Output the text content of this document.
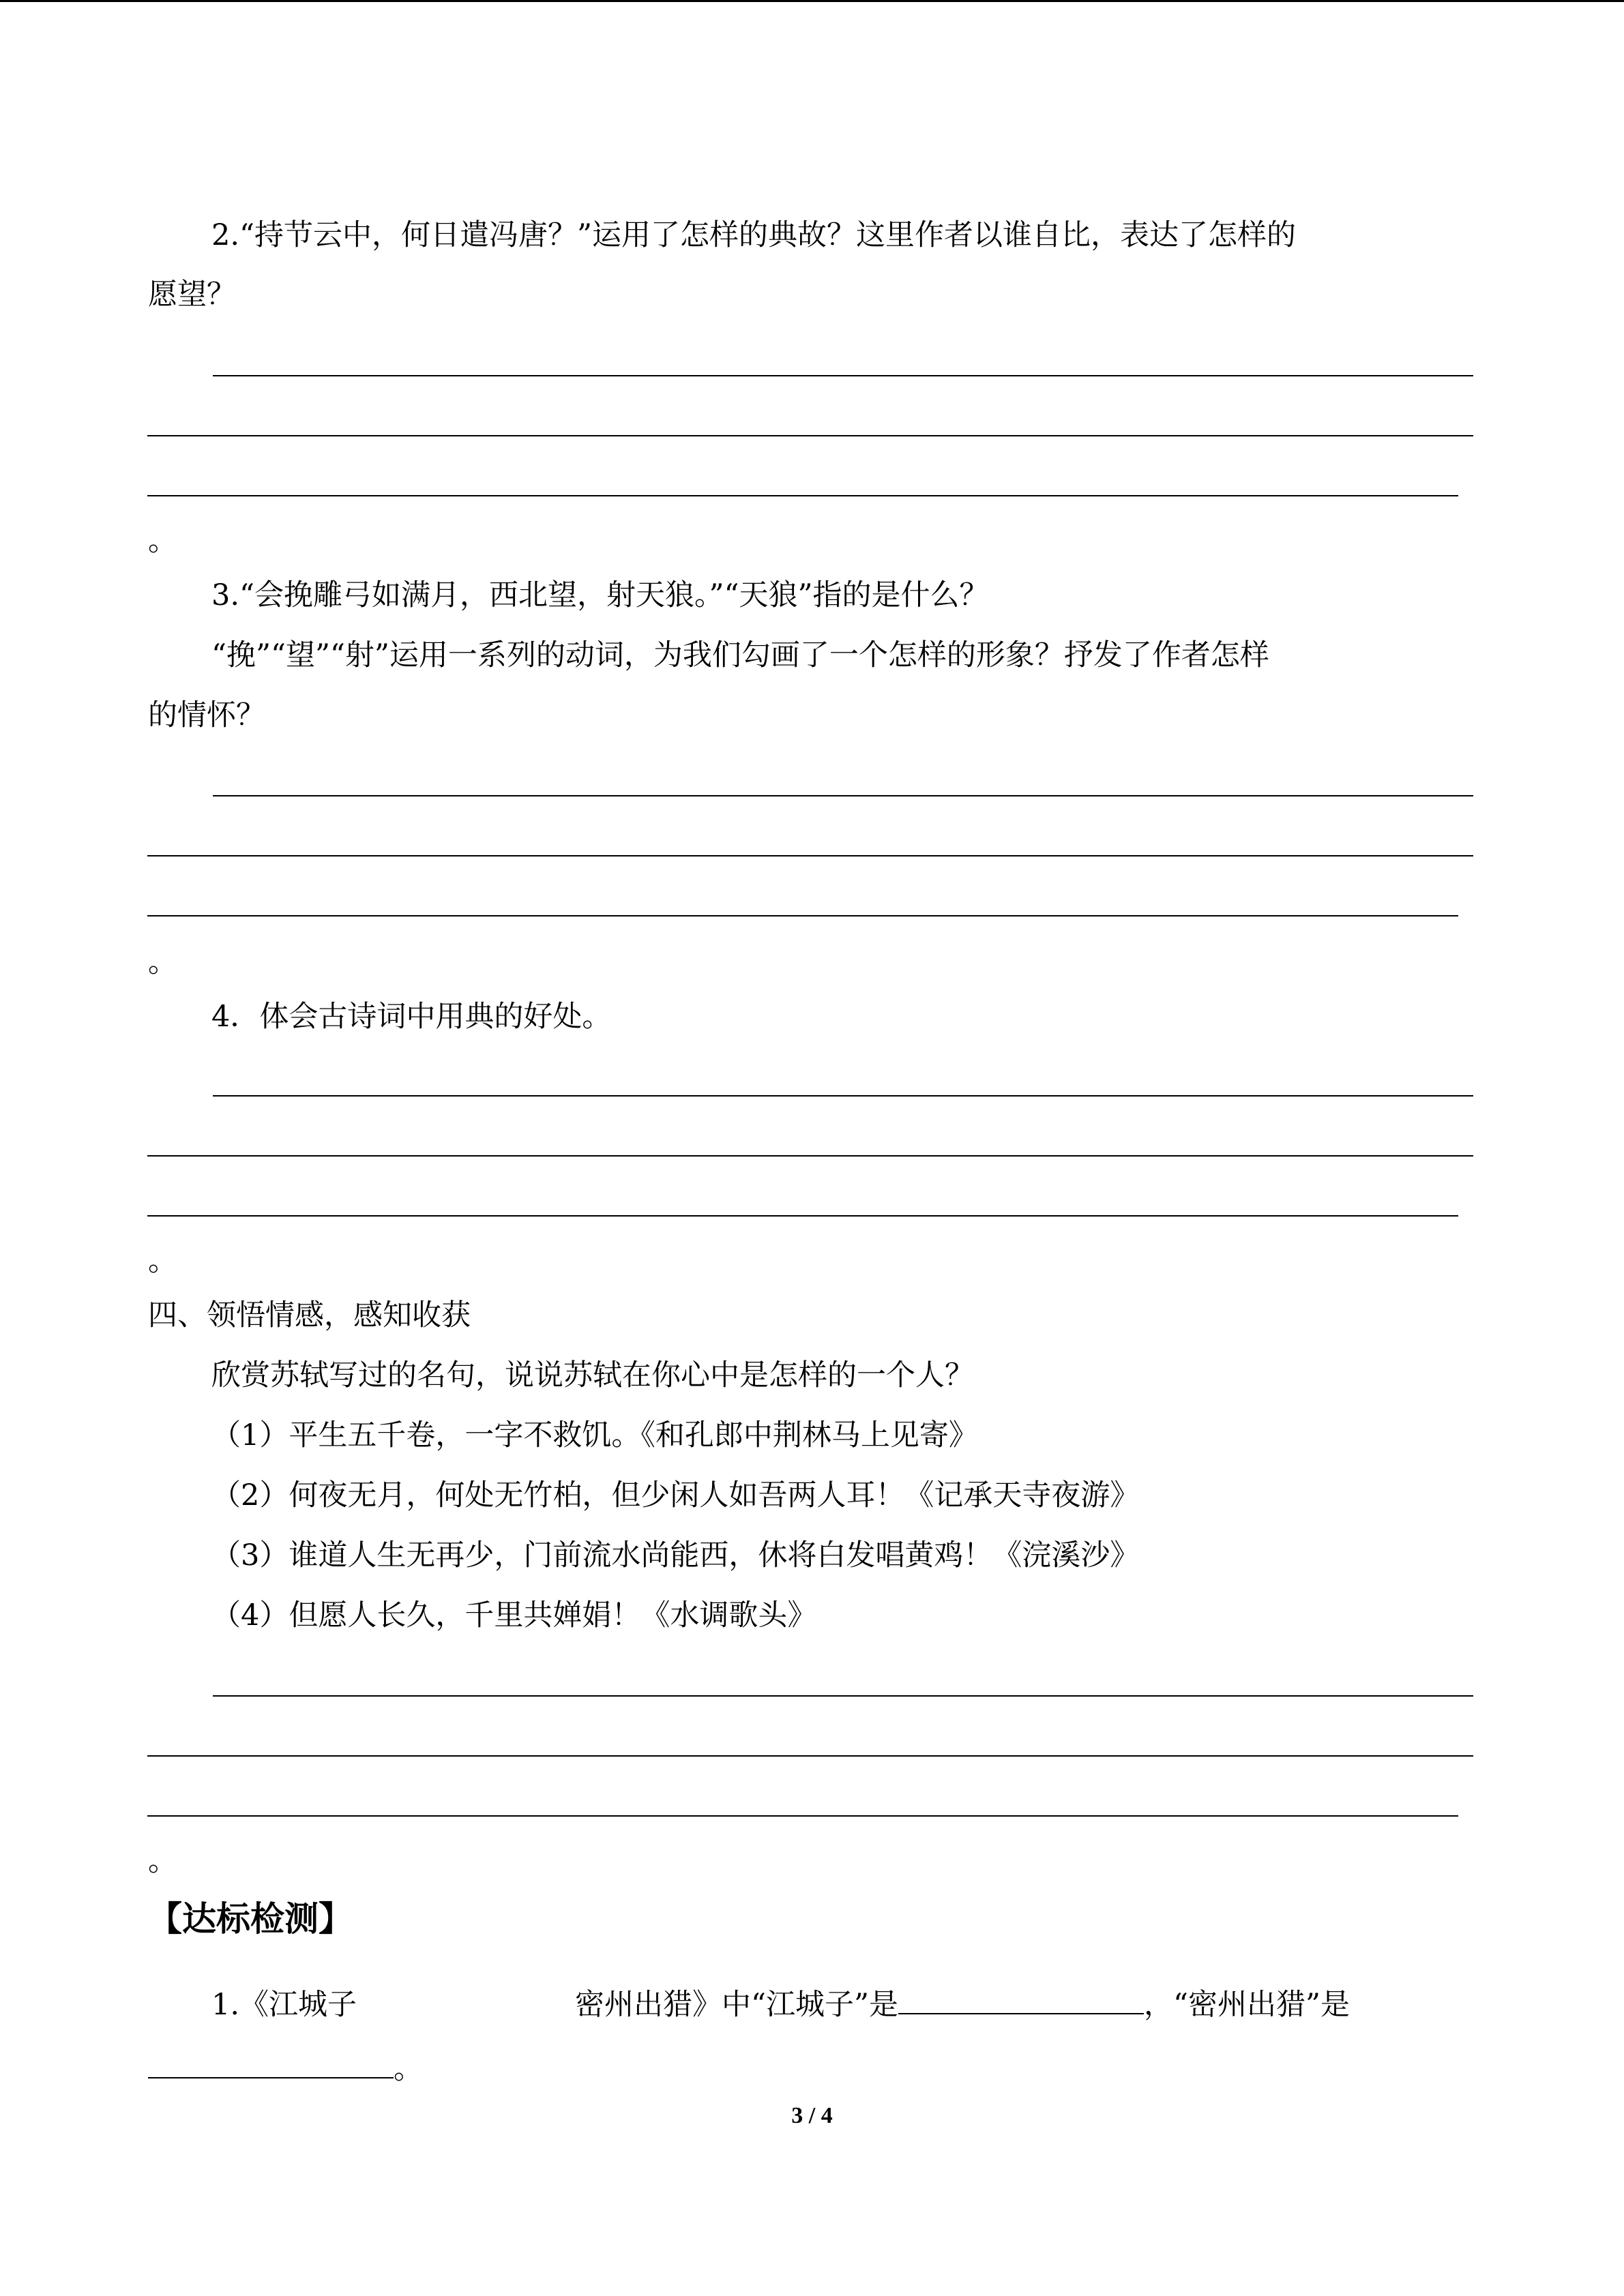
2.“持节云中，何日遣冯唐？”运用了怎样的典故？这里作者以谁自比，表达了怎样的

愿望？

。

3.“会挽雕弓如满月，西北望，射天狼。”“天狼”指的是什么？

“挽”“望”“射”运用一系列的动词，为我们勾画了一个怎样的形象？抒发了作者怎样

的情怀？

。

4．体会古诗词中用典的好处。

。

四、领悟情感，感知收获

欣赏苏轼写过的名句，说说苏轼在你心中是怎样的一个人？

（1）平生五千卷，一字不救饥。《和孔郎中荆林马上见寄》

（2）何夜无月，何处无竹柏，但少闲人如吾两人耳！《记承天寺夜游》

（3）谁道人生无再少，门前流水尚能西，休将白发唱黄鸡！《浣溪沙》

（4）但愿人长久，千里共婵娟！《水调歌头》

。
【达标检测】

1.《江城子	密州出猎》中“江城子”是	，“密州出猎”是

。

3 / 4
